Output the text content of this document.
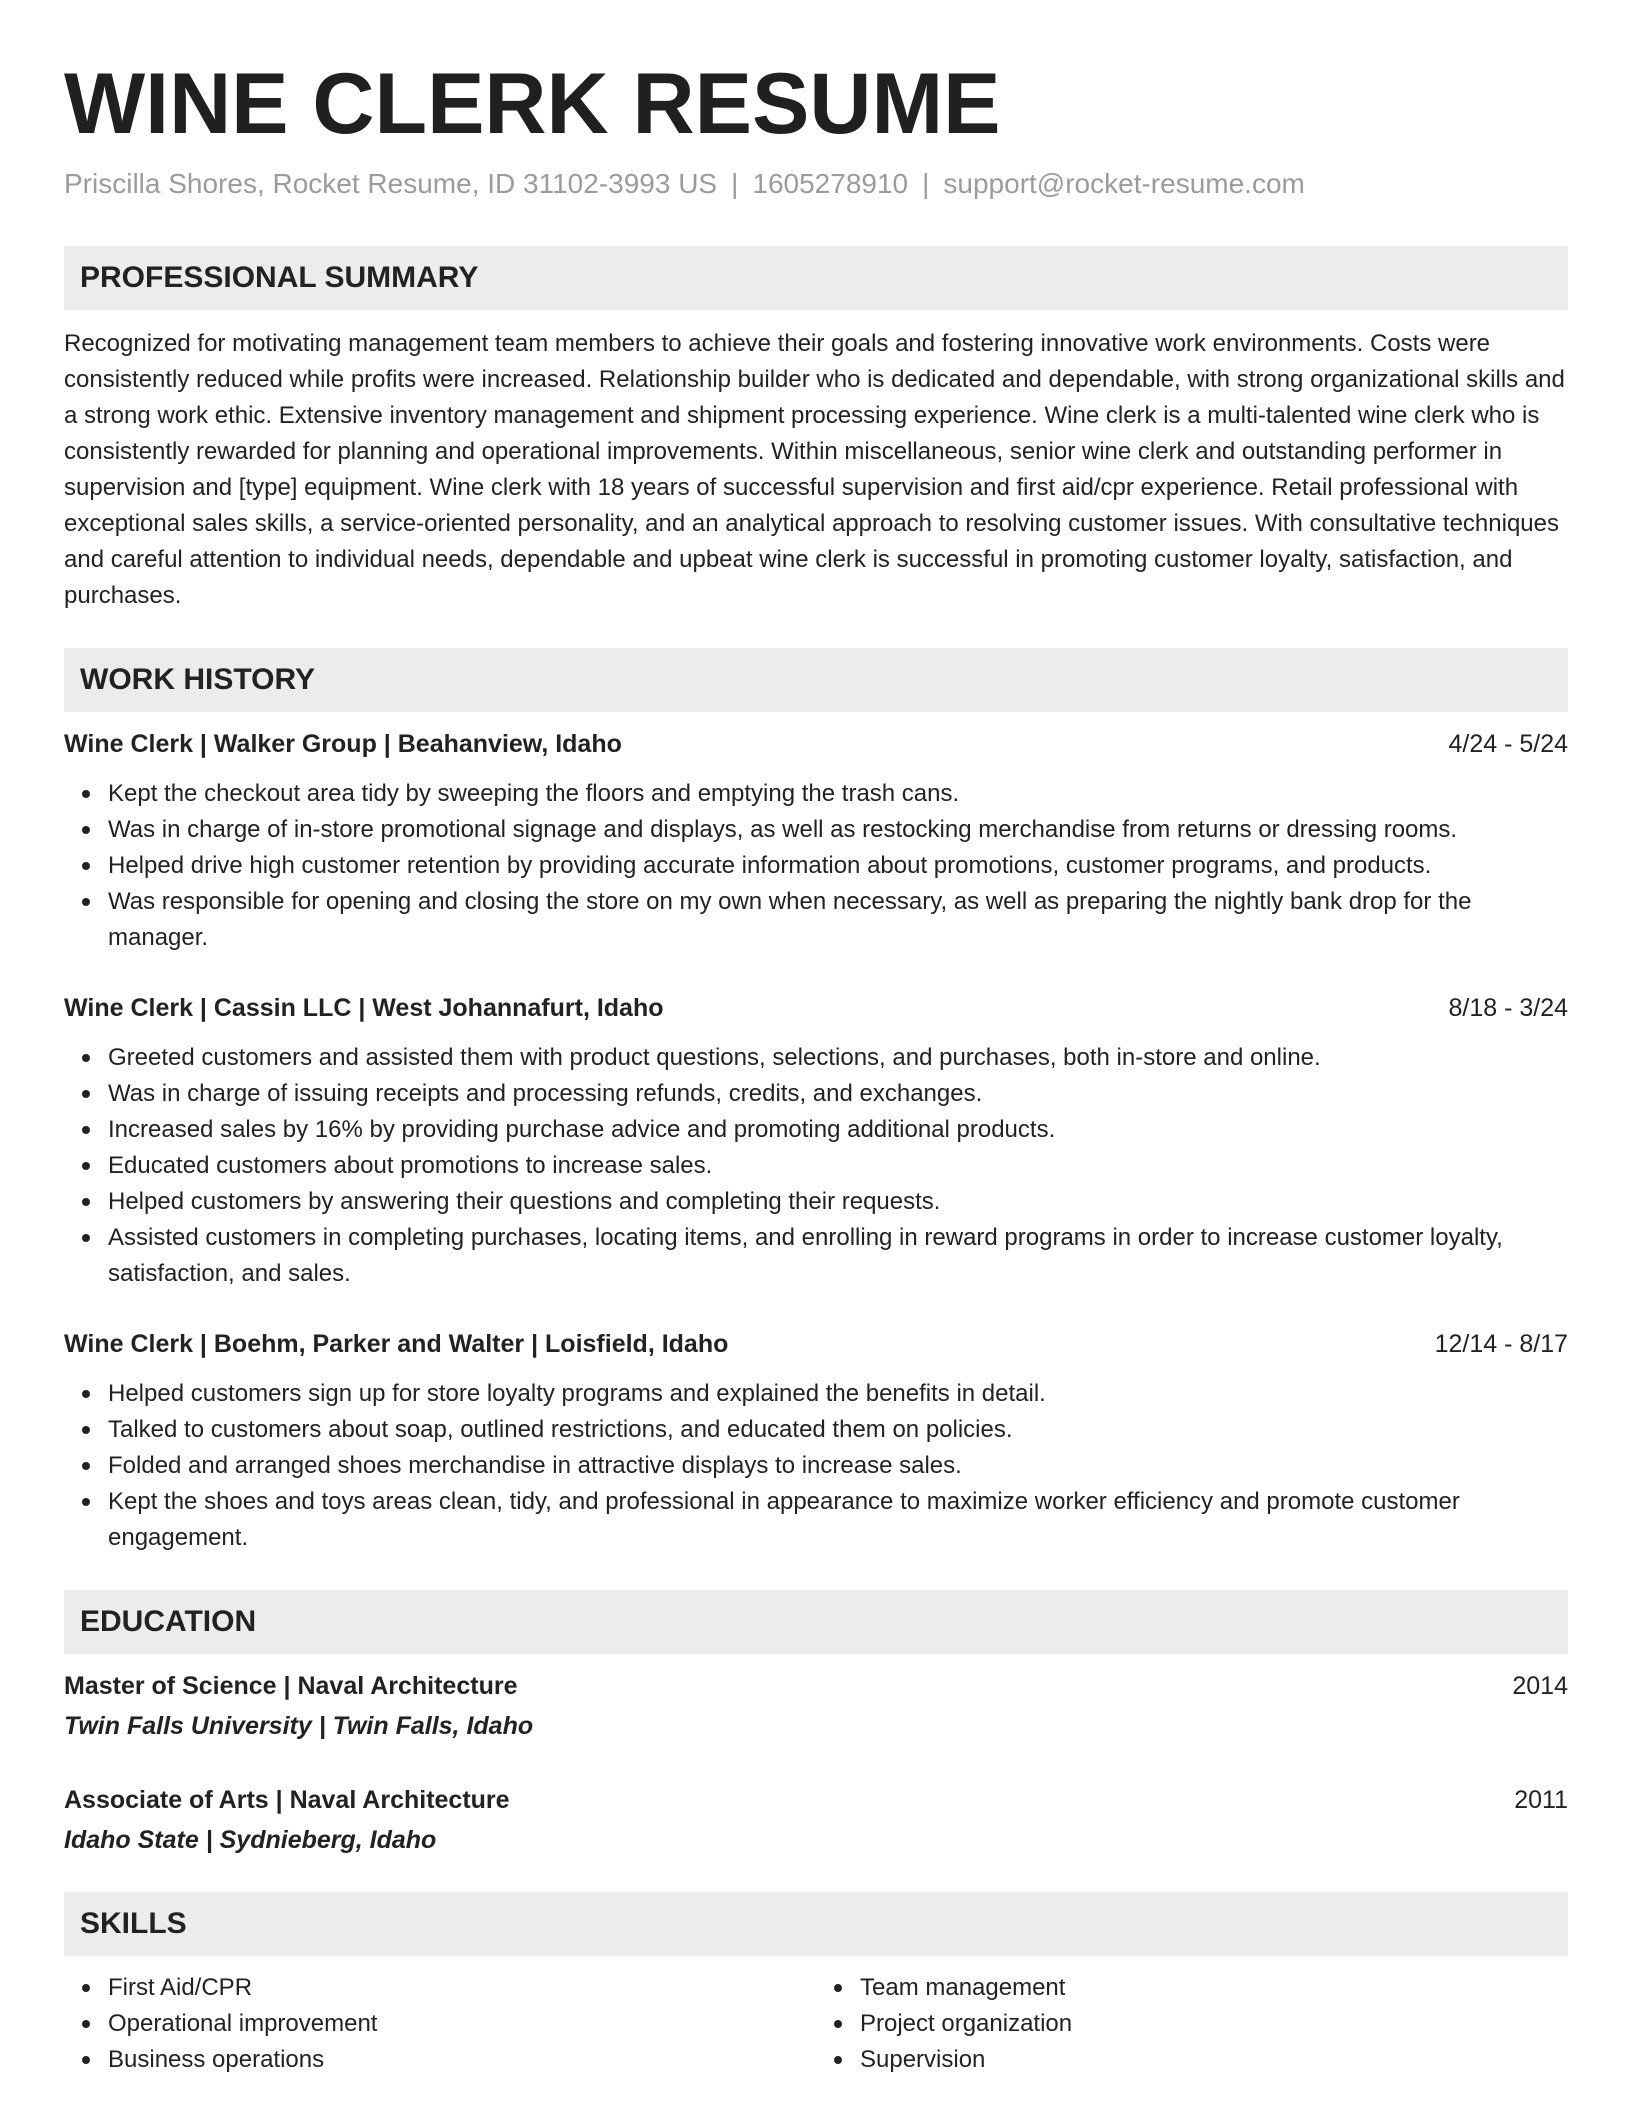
WINE CLERK RESUME
Priscilla Shores, Rocket Resume, ID 31102-3993 US | 1605278910 | support@rocket-resume.com
PROFESSIONAL SUMMARY

Recognized for motivating management team members to achieve their goals and fostering innovative work environments. Costs were consistently reduced while profits were increased. Relationship builder who is dedicated and dependable, with strong organizational skills and a strong work ethic. Extensive inventory management and shipment processing experience. Wine clerk is a multi-talented wine clerk who is consistently rewarded for planning and operational improvements. Within miscellaneous, senior wine clerk and outstanding performer in supervision and [type] equipment. Wine clerk with 18 years of successful supervision and first aid/cpr experience. Retail professional with exceptional sales skills, a service-oriented personality, and an analytical approach to resolving customer issues. With consultative techniques and careful attention to individual needs, dependable and upbeat wine clerk is successful in promoting customer loyalty, satisfaction, and purchases.

WORK HISTORY
Wine Clerk | Walker Group | Beahanview, Idaho	4/24 - 5/24
Kept the checkout area tidy by sweeping the floors and emptying the trash cans.
Was in charge of in-store promotional signage and displays, as well as restocking merchandise from returns or dressing rooms.
Helped drive high customer retention by providing accurate information about promotions, customer programs, and products.
Was responsible for opening and closing the store on my own when necessary, as well as preparing the nightly bank drop for the manager.
Wine Clerk | Cassin LLC | West Johannafurt, Idaho	8/18 - 3/24
Greeted customers and assisted them with product questions, selections, and purchases, both in-store and online.
Was in charge of issuing receipts and processing refunds, credits, and exchanges.
Increased sales by 16% by providing purchase advice and promoting additional products.
Educated customers about promotions to increase sales.
Helped customers by answering their questions and completing their requests.
Assisted customers in completing purchases, locating items, and enrolling in reward programs in order to increase customer loyalty, satisfaction, and sales.
Wine Clerk | Boehm, Parker and Walter | Loisfield, Idaho	12/14 - 8/17
Helped customers sign up for store loyalty programs and explained the benefits in detail.
Talked to customers about soap, outlined restrictions, and educated them on policies.
Folded and arranged shoes merchandise in attractive displays to increase sales.
Kept the shoes and toys areas clean, tidy, and professional in appearance to maximize worker efficiency and promote customer engagement.
EDUCATION
Master of Science | Naval Architecture	2014
Twin Falls University | Twin Falls, Idaho
Associate of Arts | Naval Architecture	2011
Idaho State | Sydnieberg, Idaho
SKILLS
First Aid/CPR
Operational improvement
Business operations
Team management
Project organization
Supervision
